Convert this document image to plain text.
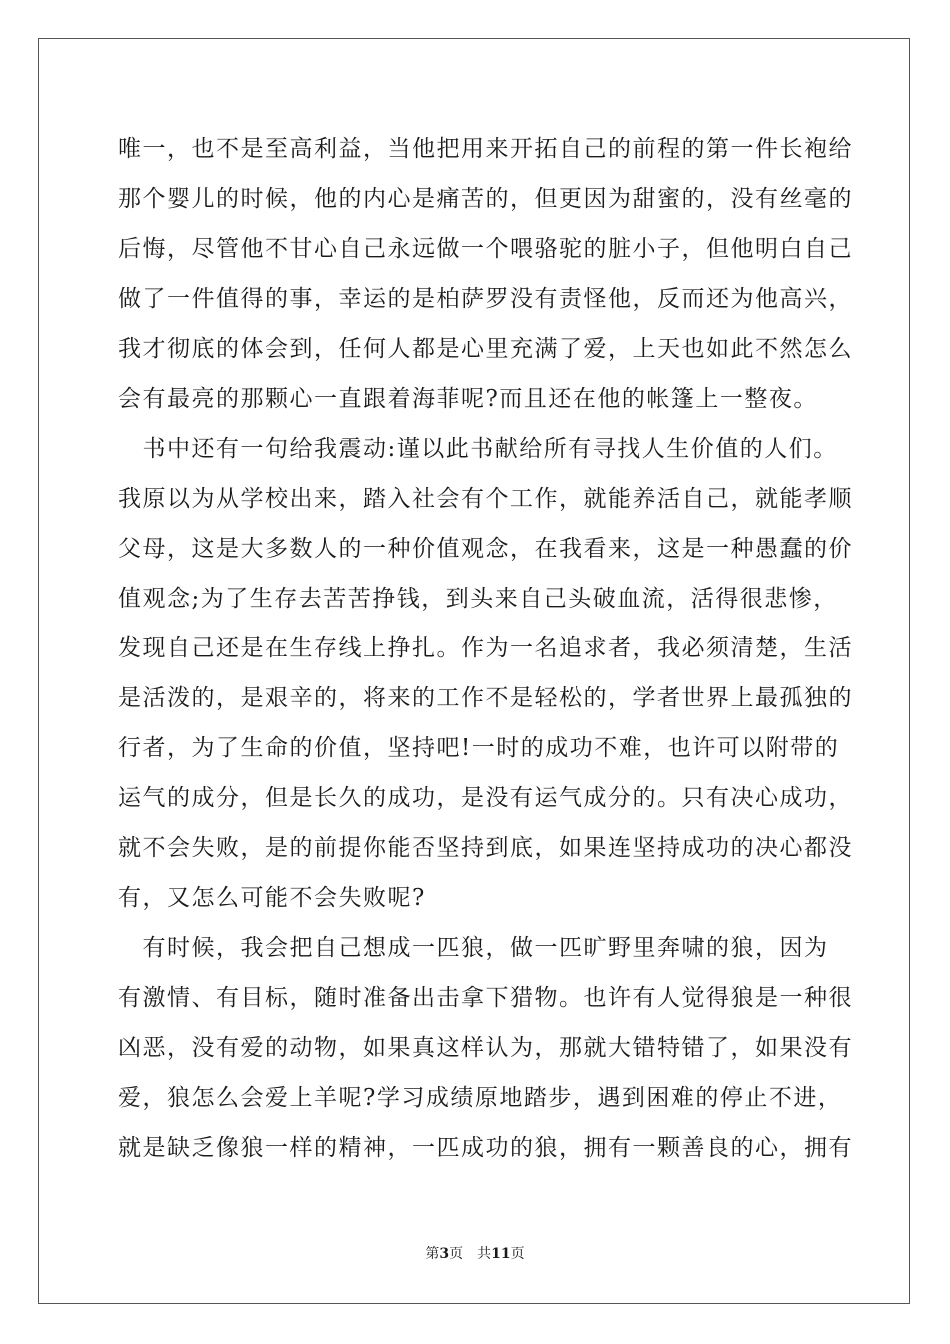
唯一，也不是至高利益，当他把用来开拓自己的前程的第一件长袍给
那个婴儿的时候，他的内心是痛苦的，但更因为甜蜜的，没有丝毫的
后悔，尽管他不甘心自己永远做一个喂骆驼的脏小子，但他明白自己
做了一件值得的事，幸运的是柏萨罗没有责怪他，反而还为他高兴，
我才彻底的体会到，任何人都是心里充满了爱，上天也如此不然怎么
会有最亮的那颗心一直跟着海菲呢?而且还在他的帐篷上一整夜。
　书中还有一句给我震动:谨以此书献给所有寻找人生价值的人们。
我原以为从学校出来，踏入社会有个工作，就能养活自己，就能孝顺
父母，这是大多数人的一种价值观念，在我看来，这是一种愚蠢的价
值观念;为了生存去苦苦挣钱，到头来自己头破血流，活得很悲惨，
发现自己还是在生存线上挣扎。作为一名追求者，我必须清楚，生活
是活泼的，是艰辛的，将来的工作不是轻松的，学者世界上最孤独的
行者，为了生命的价值，坚持吧!一时的成功不难，也许可以附带的
运气的成分，但是长久的成功，是没有运气成分的。只有决心成功，
就不会失败，是的前提你能否坚持到底，如果连坚持成功的决心都没
有，又怎么可能不会失败呢?
　有时候，我会把自己想成一匹狼，做一匹旷野里奔啸的狼，因为
有激情、有目标，随时准备出击拿下猎物。也许有人觉得狼是一种很
凶恶，没有爱的动物，如果真这样认为，那就大错特错了，如果没有
爱，狼怎么会爱上羊呢?学习成绩原地踏步，遇到困难的停止不进，
就是缺乏像狼一样的精神，一匹成功的狼，拥有一颗善良的心，拥有
第3页　共11页
